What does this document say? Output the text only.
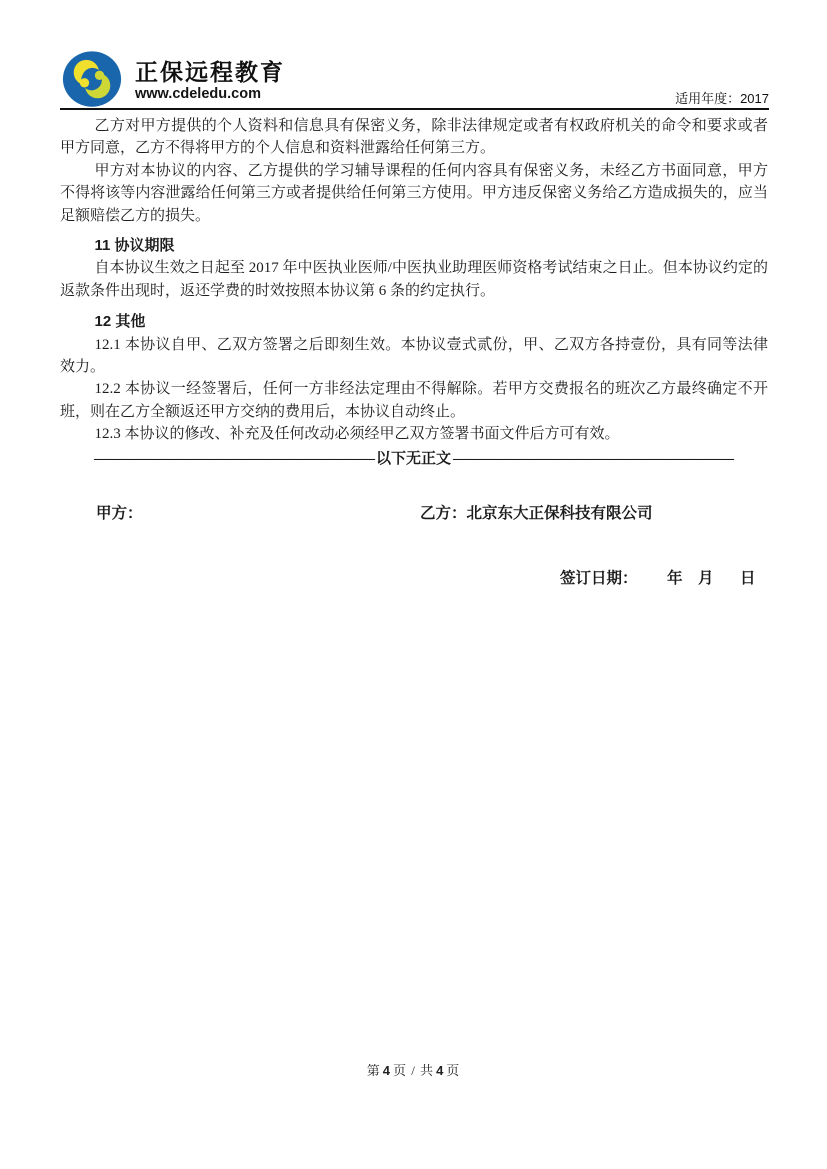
正保远程教育
www.cdeledu.com	适用年度：2017

乙方对甲方提供的个人资料和信息具有保密义务，除非法律规定或者有权政府机关的命令和要求或者甲方同意，乙方不得将甲方的个人信息和资料泄露给任何第三方。

甲方对本协议的内容、乙方提供的学习辅导课程的任何内容具有保密义务，未经乙方书面同意，甲方不得将该等内容泄露给任何第三方或者提供给任何第三方使用。甲方违反保密义务给乙方造成损失的，应当足额赔偿乙方的损失。

11 协议期限

自本协议生效之日起至 2017 年中医执业医师/中医执业助理医师资格考试结束之日止。但本协议约定的返款条件出现时，返还学费的时效按照本协议第 6 条的约定执行。

12 其他

12.1 本协议自甲、乙双方签署之后即刻生效。本协议壹式贰份，甲、乙双方各持壹份，具有同等法律效力。

12.2 本协议一经签署后，任何一方非经法定理由不得解除。若甲方交费报名的班次乙方最终确定不开班，则在乙方全额返还甲方交纳的费用后，本协议自动终止。

12.3 本协议的修改、补充及任何改动必须经甲乙双方签署书面文件后方可有效。

———————————————————— 以下无正文 ————————————————————
甲方：	乙方：北京东大正保科技有限公司
签订日期： 年 月 日
第 4 页 / 共 4 页
